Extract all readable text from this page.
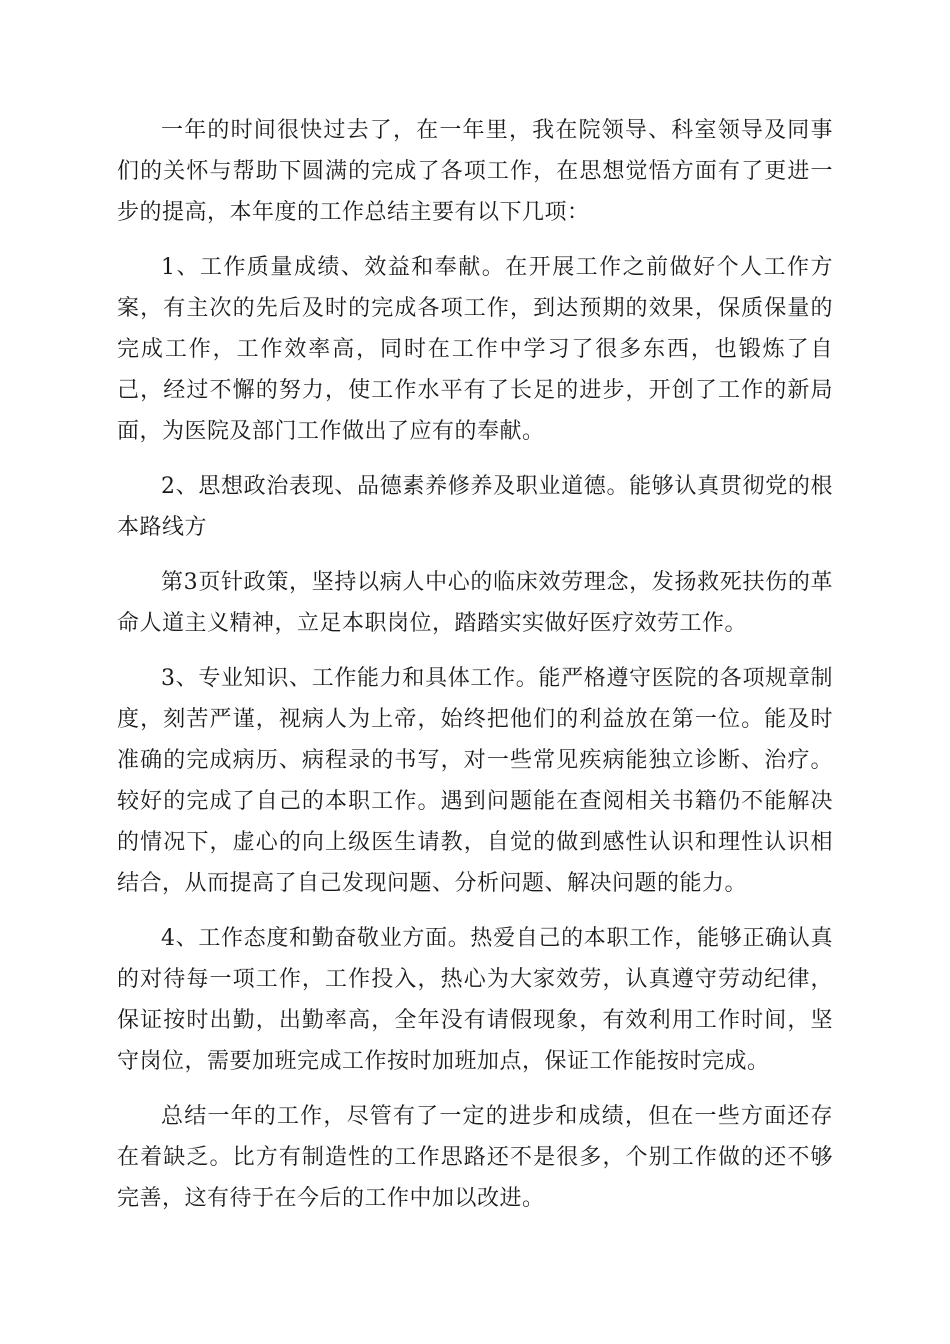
一年的时间很快过去了，在一年里，我在院领导、科室领导及同事们的关怀与帮助下圆满的完成了各项工作，在思想觉悟方面有了更进一步的提高，本年度的工作总结主要有以下几项：

1、工作质量成绩、效益和奉献。在开展工作之前做好个人工作方案，有主次的先后及时的完成各项工作，到达预期的效果，保质保量的完成工作，工作效率高，同时在工作中学习了很多东西，也锻炼了自己，经过不懈的努力，使工作水平有了长足的进步，开创了工作的新局面，为医院及部门工作做出了应有的奉献。

2、思想政治表现、品德素养修养及职业道德。能够认真贯彻党的根本路线方

第3页针政策，坚持以病人中心的临床效劳理念，发扬救死扶伤的革命人道主义精神，立足本职岗位，踏踏实实做好医疗效劳工作。

3、专业知识、工作能力和具体工作。能严格遵守医院的各项规章制度，刻苦严谨，视病人为上帝，始终把他们的利益放在第一位。能及时准确的完成病历、病程录的书写，对一些常见疾病能独立诊断、治疗。较好的完成了自己的本职工作。遇到问题能在查阅相关书籍仍不能解决的情况下，虚心的向上级医生请教，自觉的做到感性认识和理性认识相结合，从而提高了自己发现问题、分析问题、解决问题的能力。

4、工作态度和勤奋敬业方面。热爱自己的本职工作，能够正确认真的对待每一项工作，工作投入，热心为大家效劳，认真遵守劳动纪律，保证按时出勤，出勤率高，全年没有请假现象，有效利用工作时间，坚守岗位，需要加班完成工作按时加班加点，保证工作能按时完成。

总结一年的工作，尽管有了一定的进步和成绩，但在一些方面还存在着缺乏。比方有制造性的工作思路还不是很多，个别工作做的还不够完善，这有待于在今后的工作中加以改进。
